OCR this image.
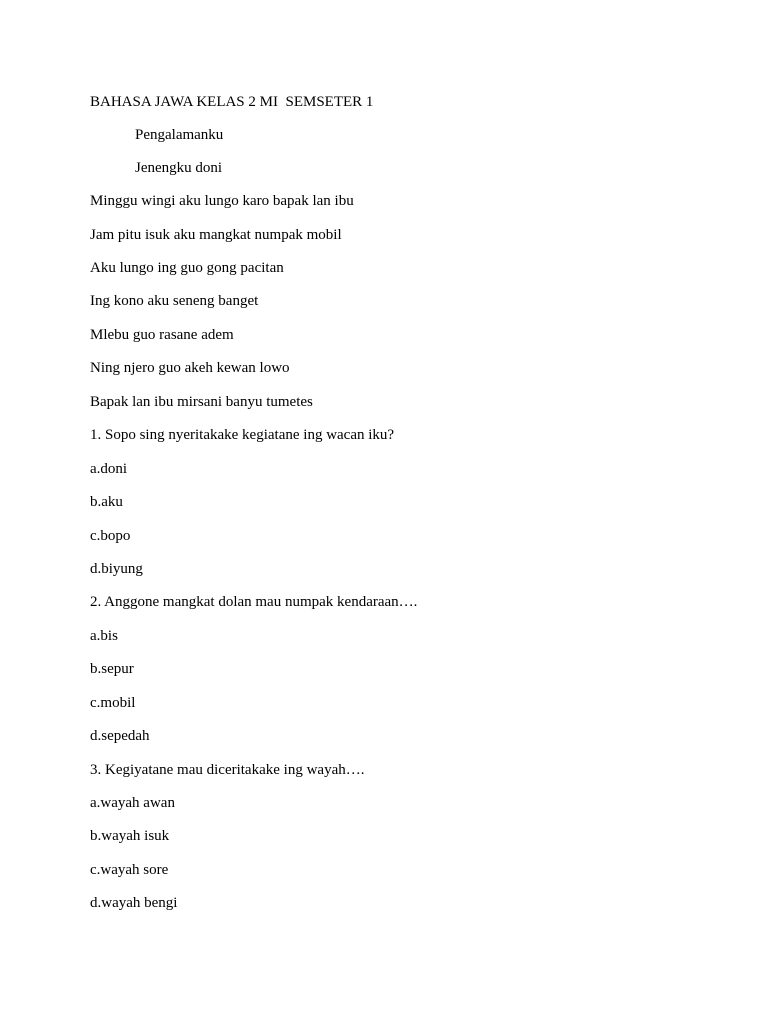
BAHASA JAWA KELAS 2 MI  SEMSETER 1
Pengalamanku
Jenengku doni
Minggu wingi aku lungo karo bapak lan ibu
Jam pitu isuk aku mangkat numpak mobil
Aku lungo ing guo gong pacitan
Ing kono aku seneng banget
Mlebu guo rasane adem
Ning njero guo akeh kewan lowo
Bapak lan ibu mirsani banyu tumetes
1. Sopo sing nyeritakake kegiatane ing wacan iku?
a.doni
b.aku
c.bopo
d.biyung
2. Anggone mangkat dolan mau numpak kendaraan….
a.bis
b.sepur
c.mobil
d.sepedah
3. Kegiyatane mau diceritakake ing wayah….
a.wayah awan
b.wayah isuk
c.wayah sore
d.wayah bengi
